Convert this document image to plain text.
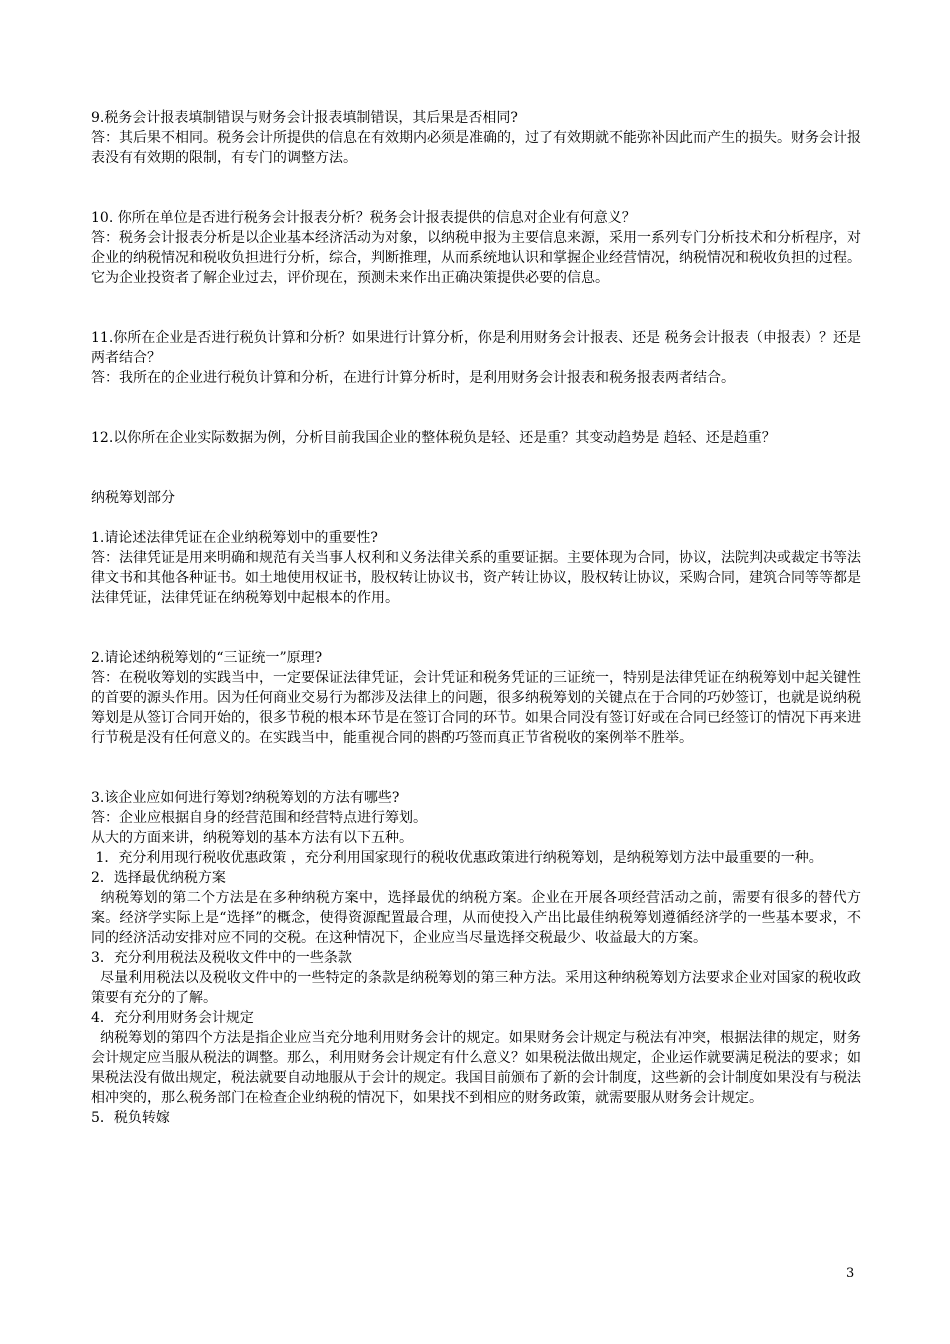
9.税务会计报表填制错误与财务会计报表填制错误，其后果是否相同?

答：其后果不相同。税务会计所提供的信息在有效期内必须是准确的，过了有效期就不能弥补因此而产生的损失。财务会计报表没有有效期的限制，有专门的调整方法。

10. 你所在单位是否进行税务会计报表分析？税务会计报表提供的信息对企业有何意义？

答：税务会计报表分析是以企业基本经济活动为对象，以纳税申报为主要信息来源，采用一系列专门分析技术和分析程序，对企业的纳税情况和税收负担进行分析，综合，判断推理，从而系统地认识和掌握企业经营情况，纳税情况和税收负担的过程。它为企业投资者了解企业过去，评价现在，预测未来作出正确决策提供必要的信息。

11.你所在企业是否进行税负计算和分析？如果进行计算分析，你是利用财务会计报表、还是 税务会计报表（申报表）？还是两者结合？

答：我所在的企业进行税负计算和分析，在进行计算分析时，是利用财务会计报表和税务报表两者结合。

12.以你所在企业实际数据为例，分析目前我国企业的整体税负是轻、还是重？其变动趋势是 趋轻、还是趋重？

纳税筹划部分

1.请论述法律凭证在企业纳税筹划中的重要性?

答：法律凭证是用来明确和规范有关当事人权利和义务法律关系的重要证据。主要体现为合同，协议，法院判决或裁定书等法律文书和其他各种证书。如土地使用权证书，股权转让协议书，资产转让协议，股权转让协议，采购合同，建筑合同等等都是法律凭证，法律凭证在纳税筹划中起根本的作用。

2.请论述纳税筹划的“三证统一”原理?

答：在税收筹划的实践当中，一定要保证法律凭证，会计凭证和税务凭证的三证统一，特别是法律凭证在纳税筹划中起关键性的首要的源头作用。因为任何商业交易行为都涉及法律上的问题，很多纳税筹划的关键点在于合同的巧妙签订，也就是说纳税筹划是从签订合同开始的，很多节税的根本环节是在签订合同的环节。如果合同没有签订好或在合同已经签订的情况下再来进行节税是没有任何意义的。在实践当中，能重视合同的斟酌巧签而真正节省税收的案例举不胜举。

3.该企业应如何进行筹划?纳税筹划的方法有哪些?

答：企业应根据自身的经营范围和经营特点进行筹划。

从大的方面来讲，纳税筹划的基本方法有以下五种。

1．充分利用现行税收优惠政策 ，充分利用国家现行的税收优惠政策进行纳税筹划，是纳税筹划方法中最重要的一种。

2．选择最优纳税方案

纳税筹划的第二个方法是在多种纳税方案中，选择最优的纳税方案。企业在开展各项经营活动之前，需要有很多的替代方案。经济学实际上是“选择”的概念，使得资源配置最合理，从而使投入产出比最佳纳税筹划遵循经济学的一些基本要求，不同的经济活动安排对应不同的交税。在这种情况下，企业应当尽量选择交税最少、收益最大的方案。

3．充分利用税法及税收文件中的一些条款

尽量利用税法以及税收文件中的一些特定的条款是纳税筹划的第三种方法。采用这种纳税筹划方法要求企业对国家的税收政策要有充分的了解。

4．充分利用财务会计规定

纳税筹划的第四个方法是指企业应当充分地利用财务会计的规定。如果财务会计规定与税法有冲突，根据法律的规定，财务会计规定应当服从税法的调整。那么，利用财务会计规定有什么意义？如果税法做出规定，企业运作就要满足税法的要求；如果税法没有做出规定，税法就要自动地服从于会计的规定。我国目前颁布了新的会计制度，这些新的会计制度如果没有与税法相冲突的，那么税务部门在检查企业纳税的情况下，如果找不到相应的财务政策，就需要服从财务会计规定。

5．税负转嫁

3
